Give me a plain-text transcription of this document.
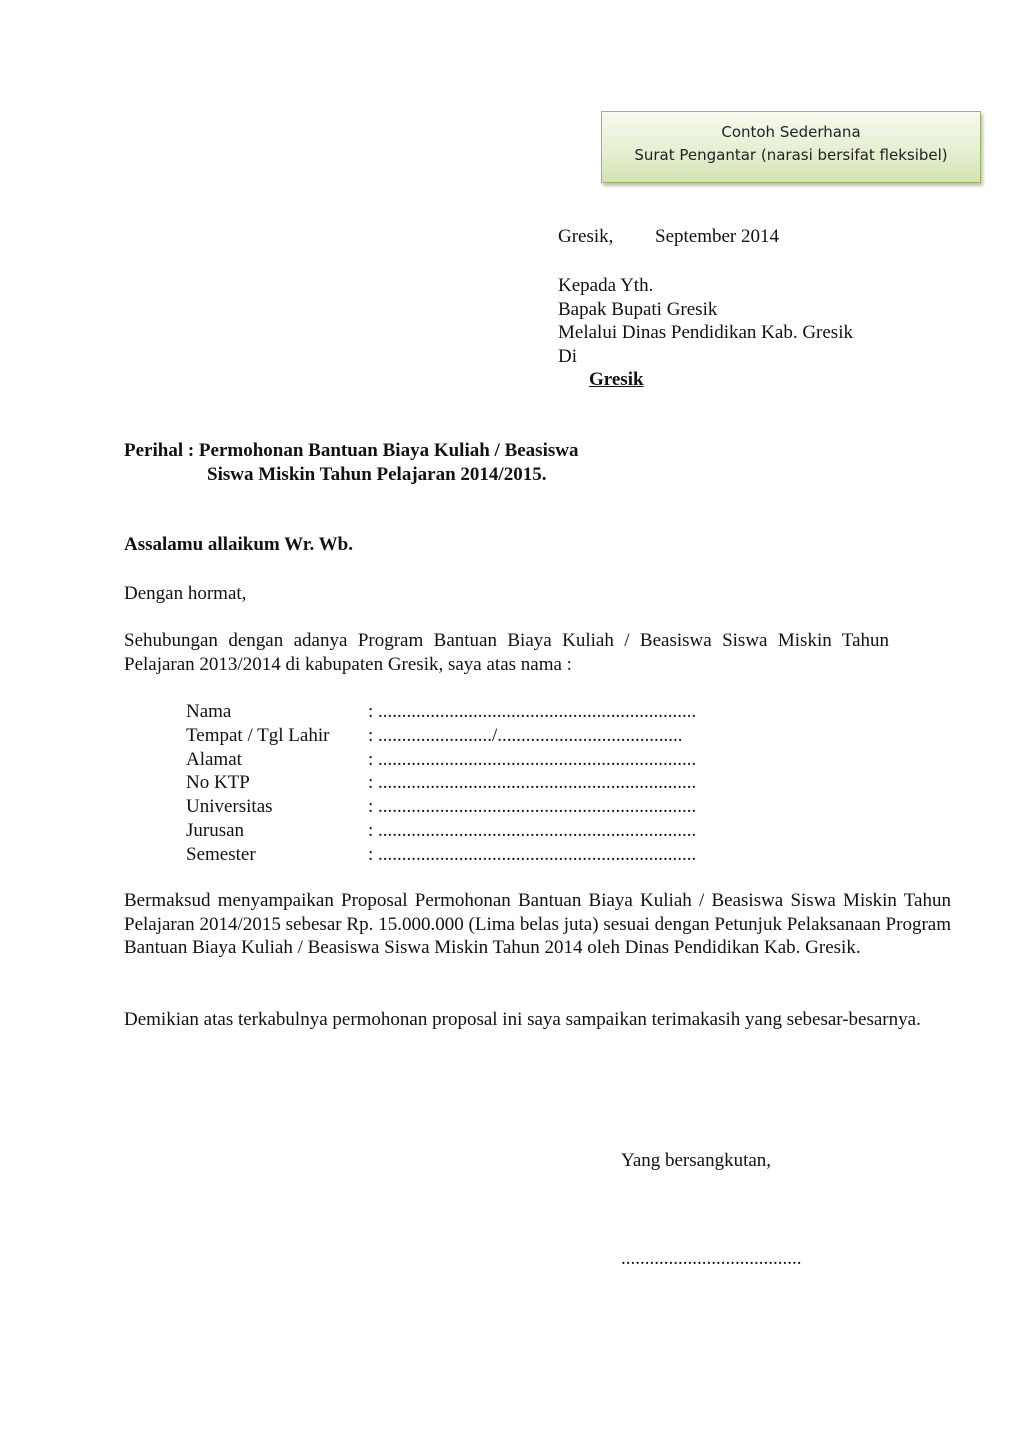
Contoh Sederhana
Surat Pengantar (narasi bersifat fleksibel)
Gresik, September 2014
Kepada Yth.
Bapak Bupati Gresik
Melalui Dinas Pendidikan Kab. Gresik
Di
Gresik
Perihal : Permohonan Bantuan Biaya Kuliah / Beasiswa
Siswa Miskin Tahun Pelajaran 2014/2015.
Assalamu allaikum Wr. Wb.
Dengan hormat,
Sehubungan dengan adanya Program Bantuan Biaya Kuliah / Beasiswa Siswa Miskin Tahun Pelajaran 2013/2014 di kabupaten Gresik, saya atas nama :
Nama	: ...................................................................
Tempat / Tgl Lahir	: ......................../.......................................
Alamat	: ...................................................................
No KTP	: ...................................................................
Universitas	: ...................................................................
Jurusan	: ...................................................................
Semester	: ...................................................................
Bermaksud menyampaikan Proposal Permohonan Bantuan Biaya Kuliah / Beasiswa Siswa Miskin Tahun Pelajaran 2014/2015 sebesar Rp. 15.000.000 (Lima belas juta) sesuai dengan Petunjuk Pelaksanaan Program Bantuan Biaya Kuliah / Beasiswa Siswa Miskin Tahun 2014 oleh Dinas Pendidikan Kab. Gresik.
Demikian atas terkabulnya permohonan proposal ini saya sampaikan terimakasih yang sebesar-besarnya.
Yang bersangkutan,
......................................
